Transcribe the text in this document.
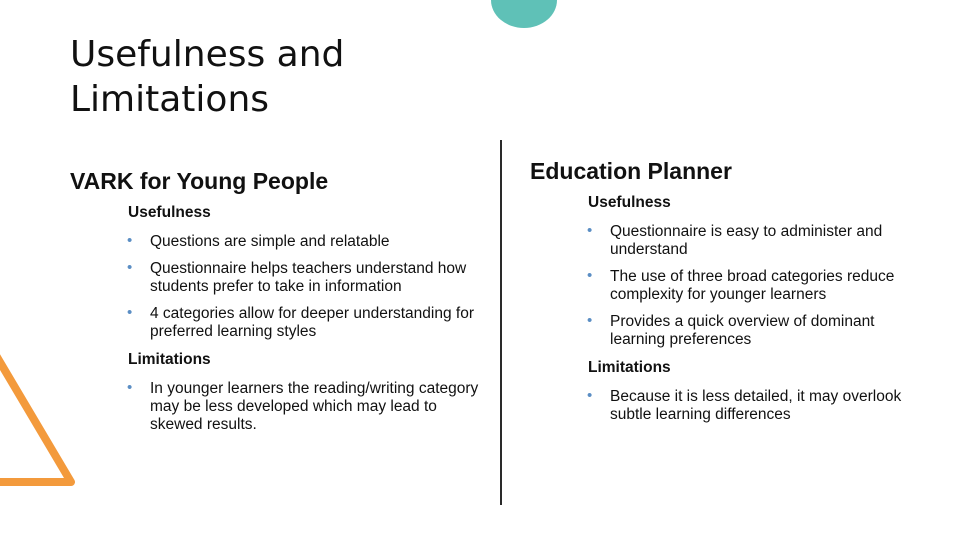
Usefulness and
Limitations
VARK for Young People
Usefulness
• Questions are simple and relatable
• Questionnaire helps teachers understand how students prefer to take in information
• 4 categories allow for deeper understanding for preferred learning styles
Limitations
• In younger learners the reading/writing category may be less developed which may lead to skewed results.
Education Planner
Usefulness
• Questionnaire is easy to administer and understand
• The use of three broad categories reduce complexity for younger learners
• Provides a quick overview of dominant learning preferences
Limitations
• Because it is less detailed, it may overlook subtle learning differences
